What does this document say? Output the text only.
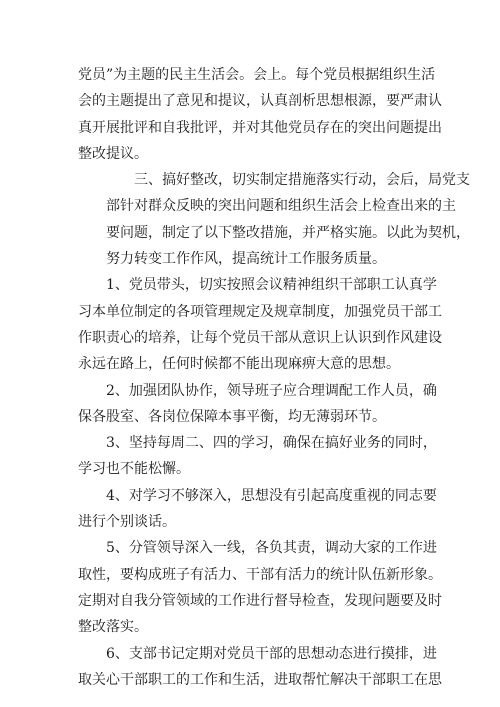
党员”为主题的民主生活会。会上。每个党员根据组织生活
会的主题提出了意见和提议，认真剖析思想根源，要严肃认
真开展批评和自我批评，并对其他党员存在的突出问题提出
整改提议。

三、搞好整改，切实制定措施落实行动，会后，局党支
部针对群众反映的突出问题和组织生活会上检查出来的主
要问题，制定了以下整改措施，并严格实施。以此为契机，
努力转变工作作风，提高统计工作服务质量。

1、党员带头，切实按照会议精神组织干部职工认真学
习本单位制定的各项管理规定及规章制度，加强党员干部工
作职责心的培养，让每个党员干部从意识上认识到作风建设
永远在路上，任何时候都不能出现麻痹大意的思想。

2、加强团队协作，领导班子应合理调配工作人员，确
保各股室、各岗位保障本事平衡，均无薄弱环节。

3、坚持每周二、四的学习，确保在搞好业务的同时，
学习也不能松懈。

4、对学习不够深入，思想没有引起高度重视的同志要
进行个别谈话。

5、分管领导深入一线，各负其责，调动大家的工作进
取性，要构成班子有活力、干部有活力的统计队伍新形象。
定期对自我分管领域的工作进行督导检查，发现问题要及时
整改落实。

6、支部书记定期对党员干部的思想动态进行摸排，进
取关心干部职工的工作和生活，进取帮忙解决干部职工在思
